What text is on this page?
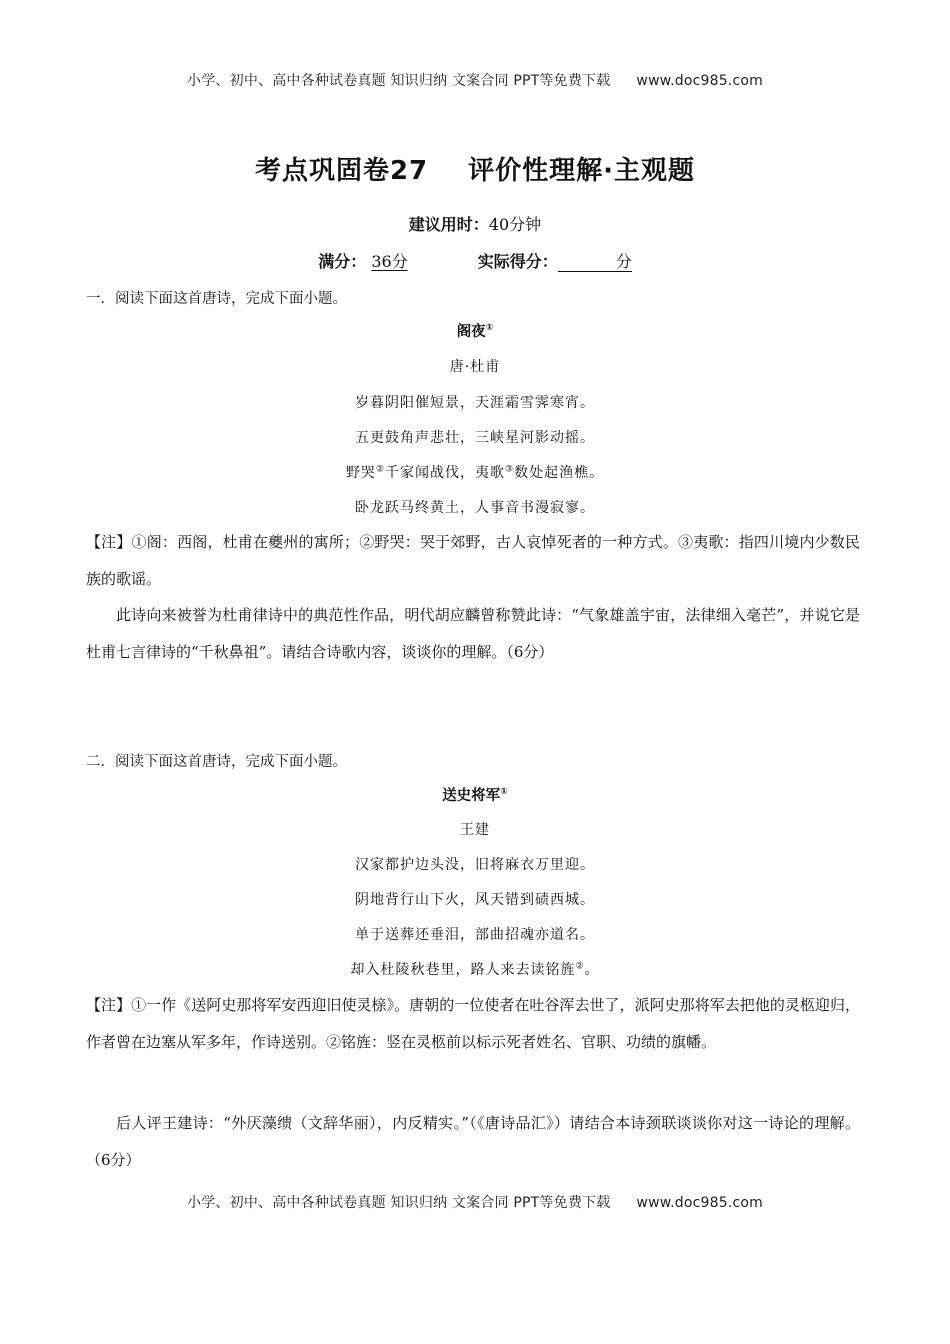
小学、初中、高中各种试卷真题 知识归纳 文案合同 PPT等免费下载 www.doc985.com
考点巩固卷27 评价性理解·主观题
建议用时：40分钟
满分： 36分	实际得分：	分
一．阅读下面这首唐诗，完成下面小题。
阁夜①
唐·杜甫
岁暮阴阳催短景，天涯霜雪霁寒宵。
五更鼓角声悲壮，三峡星河影动摇。
野哭②千家闻战伐，夷歌③数处起渔樵。
卧龙跃马终黄土，人事音书漫寂寥。
【注】①阁：西阁，杜甫在夔州的寓所；②野哭：哭于郊野，古人哀悼死者的一种方式。③夷歌：指四川境内少数民族的歌谣。
此诗向来被誉为杜甫律诗中的典范性作品，明代胡应麟曾称赞此诗：“气象雄盖宇宙，法律细入毫芒”，并说它是杜甫七言律诗的“千秋鼻祖”。请结合诗歌内容，谈谈你的理解。（6分）
二．阅读下面这首唐诗，完成下面小题。
送史将军①
王建
汉家都护边头没，旧将麻衣万里迎。
阴地背行山下火，风天错到碛西城。
单于送葬还垂泪，部曲招魂亦道名。
却入杜陵秋巷里，路人来去读铭旌②。
【注】①一作《送阿史那将军安西迎旧使灵榇》。唐朝的一位使者在吐谷浑去世了，派阿史那将军去把他的灵柩迎归，作者曾在边塞从军多年，作诗送别。②铭旌：竖在灵柩前以标示死者姓名、官职、功绩的旗幡。
后人评王建诗：“外厌藻缋（文辞华丽），内反精实。”（《唐诗品汇》）请结合本诗颈联谈谈你对这一诗论的理解。（6分）
小学、初中、高中各种试卷真题 知识归纳 文案合同 PPT等免费下载 www.doc985.com
